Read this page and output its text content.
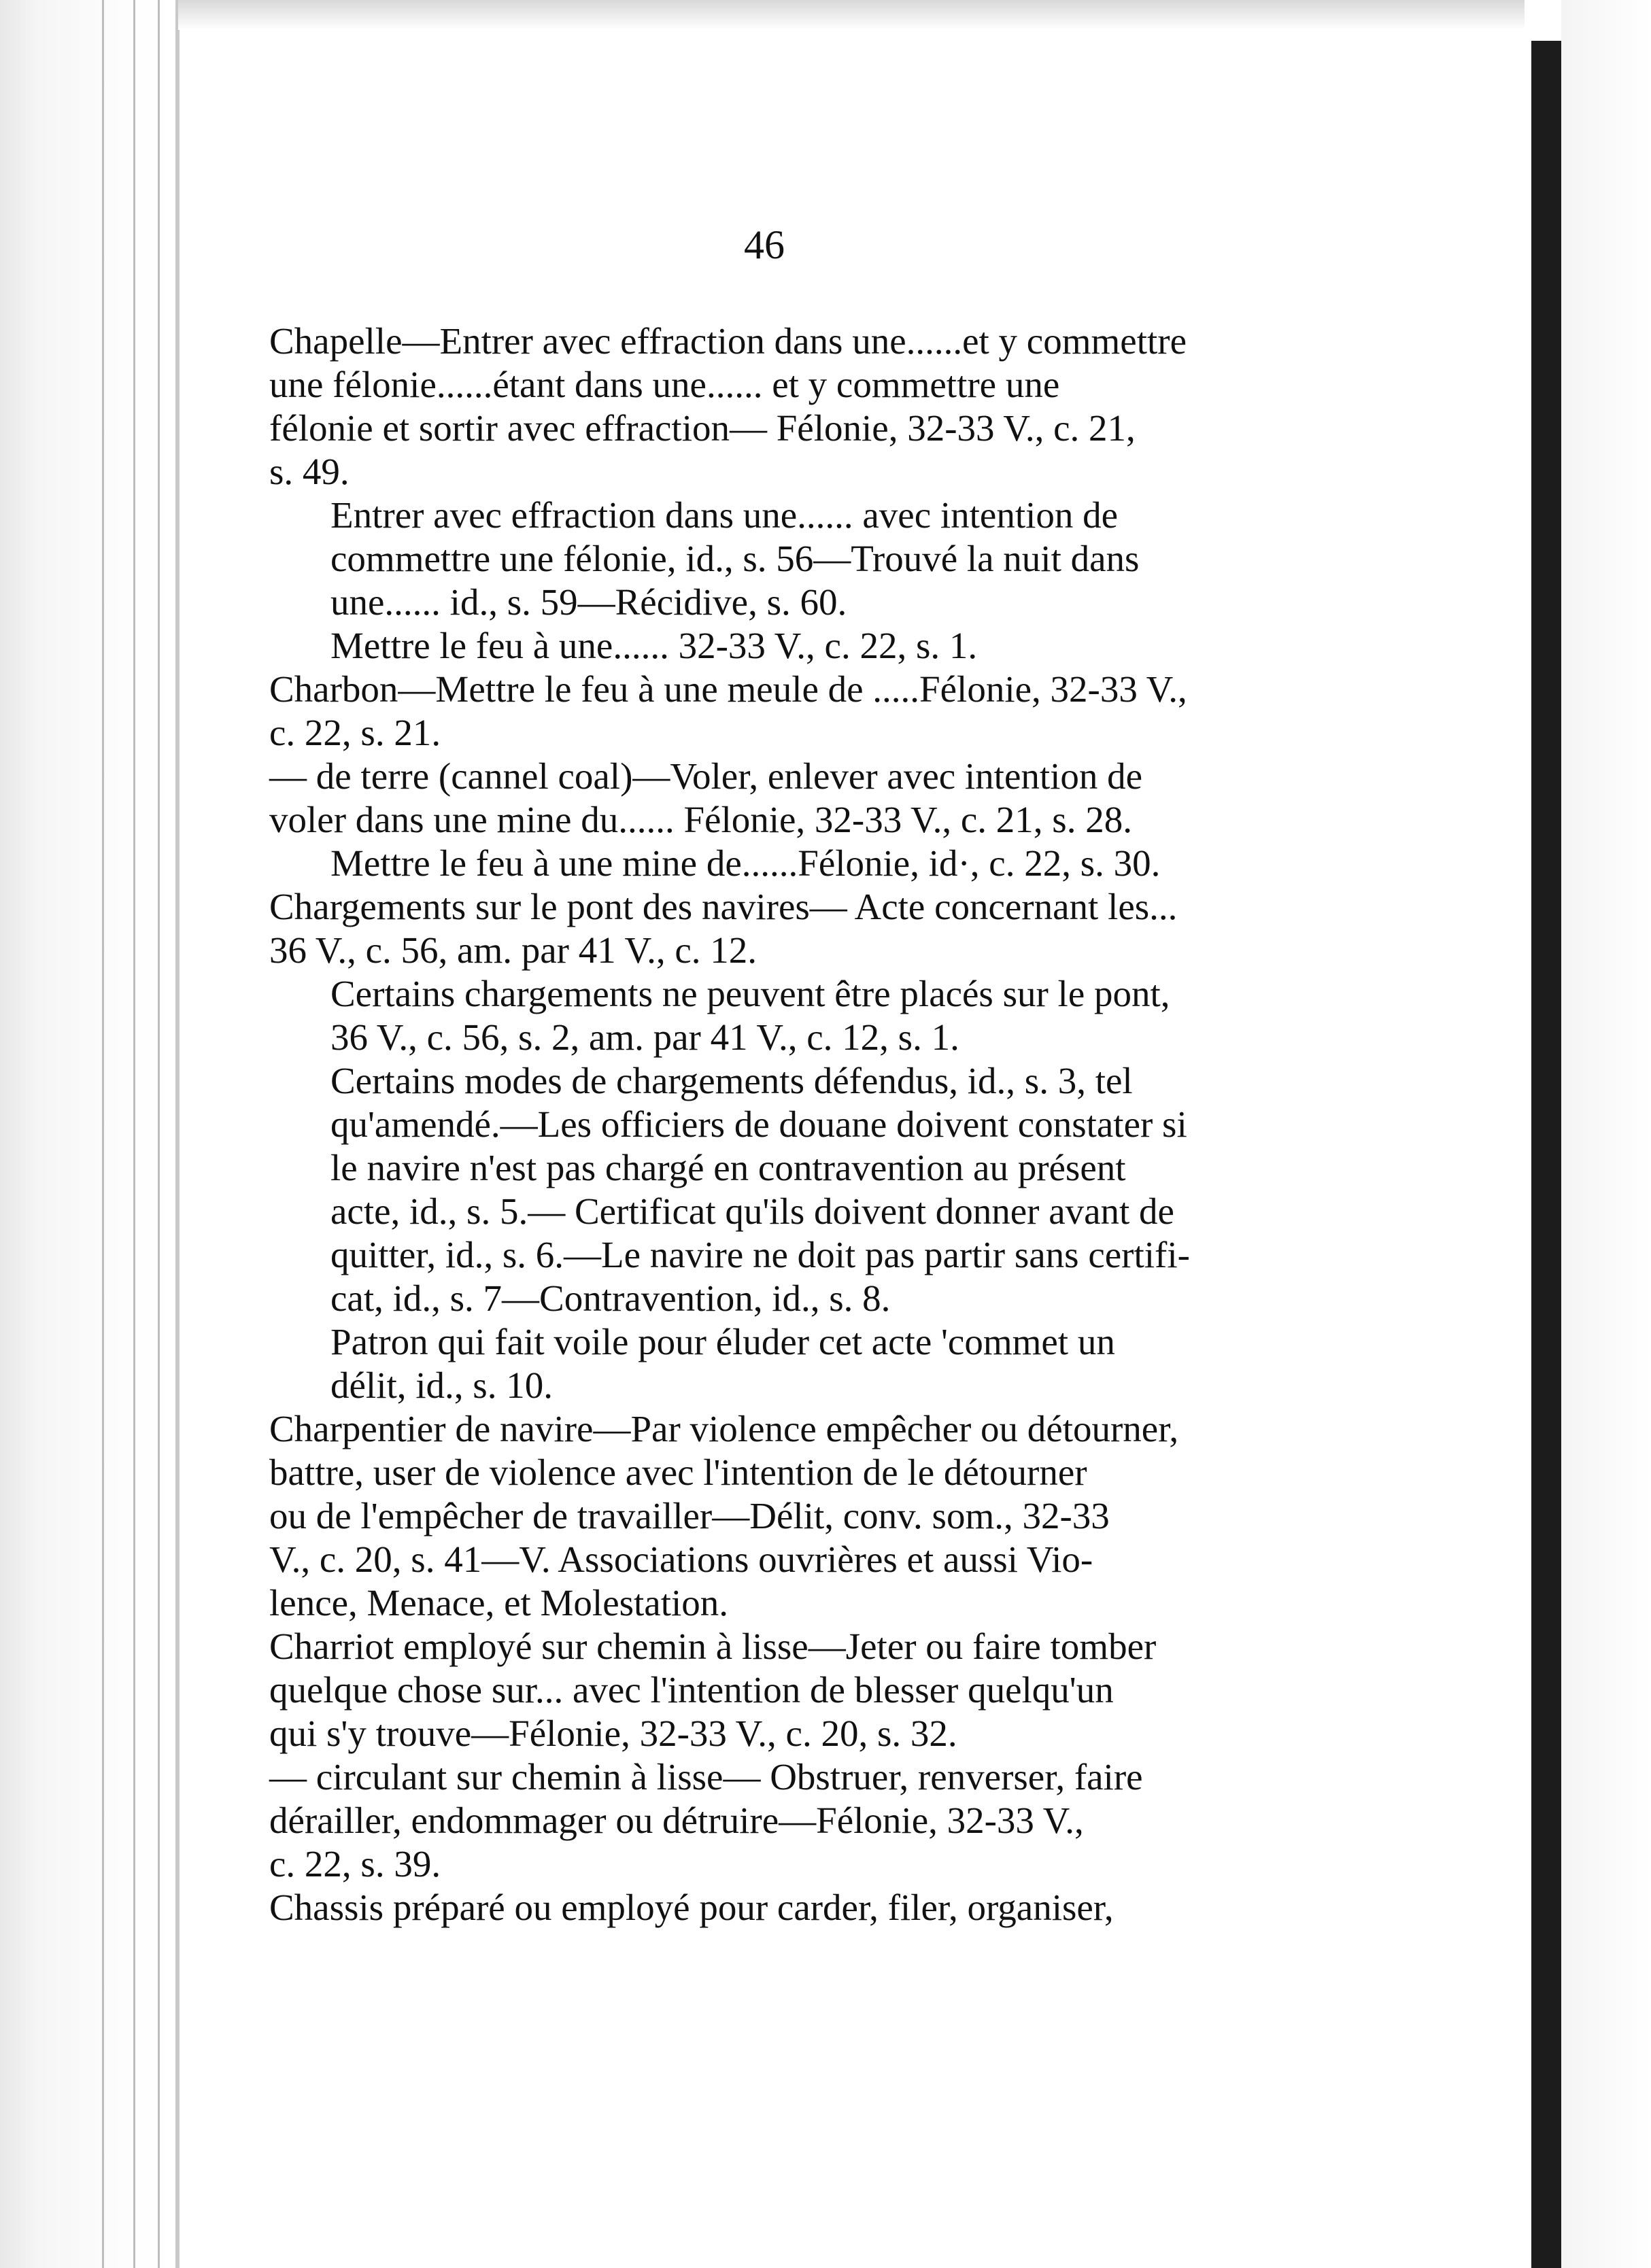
46
Chapelle—Entrer avec effraction dans une......et y commettre
une félonie......étant dans une...... et y commettre une
félonie et sortir avec effraction— Félonie, 32-33 V., c. 21,
s. 49.
Entrer avec effraction dans une...... avec intention de
commettre une félonie, id., s. 56—Trouvé la nuit dans
une...... id., s. 59—Récidive, s. 60.
Mettre le feu à une...... 32-33 V., c. 22, s. 1.
Charbon—Mettre le feu à une meule de .....Félonie, 32-33 V.,
c. 22, s. 21.
— de terre (cannel coal)—Voler, enlever avec intention de
voler dans une mine du...... Félonie, 32-33 V., c. 21, s. 28.
Mettre le feu à une mine de......Félonie, id·, c. 22, s. 30.
Chargements sur le pont des navires— Acte concernant les...
36 V., c. 56, am. par 41 V., c. 12.
Certains chargements ne peuvent être placés sur le pont,
36 V., c. 56, s. 2, am. par 41 V., c. 12, s. 1.
Certains modes de chargements défendus, id., s. 3, tel
qu'amendé.—Les officiers de douane doivent constater si
le navire n'est pas chargé en contravention au présent
acte, id., s. 5.— Certificat qu'ils doivent donner avant de
quitter, id., s. 6.—Le navire ne doit pas partir sans certifi-
cat, id., s. 7—Contravention, id., s. 8.
Patron qui fait voile pour éluder cet acte 'commet un
délit, id., s. 10.
Charpentier de navire—Par violence empêcher ou détourner,
battre, user de violence avec l'intention de le détourner
ou de l'empêcher de travailler—Délit, conv. som., 32-33
V., c. 20, s. 41—V. Associations ouvrières et aussi Vio-
lence, Menace, et Molestation.
Charriot employé sur chemin à lisse—Jeter ou faire tomber
quelque chose sur... avec l'intention de blesser quelqu'un
qui s'y trouve—Félonie, 32-33 V., c. 20, s. 32.
— circulant sur chemin à lisse— Obstruer, renverser, faire
dérailler, endommager ou détruire—Félonie, 32-33 V.,
c. 22, s. 39.
Chassis préparé ou employé pour carder, filer, organiser,
